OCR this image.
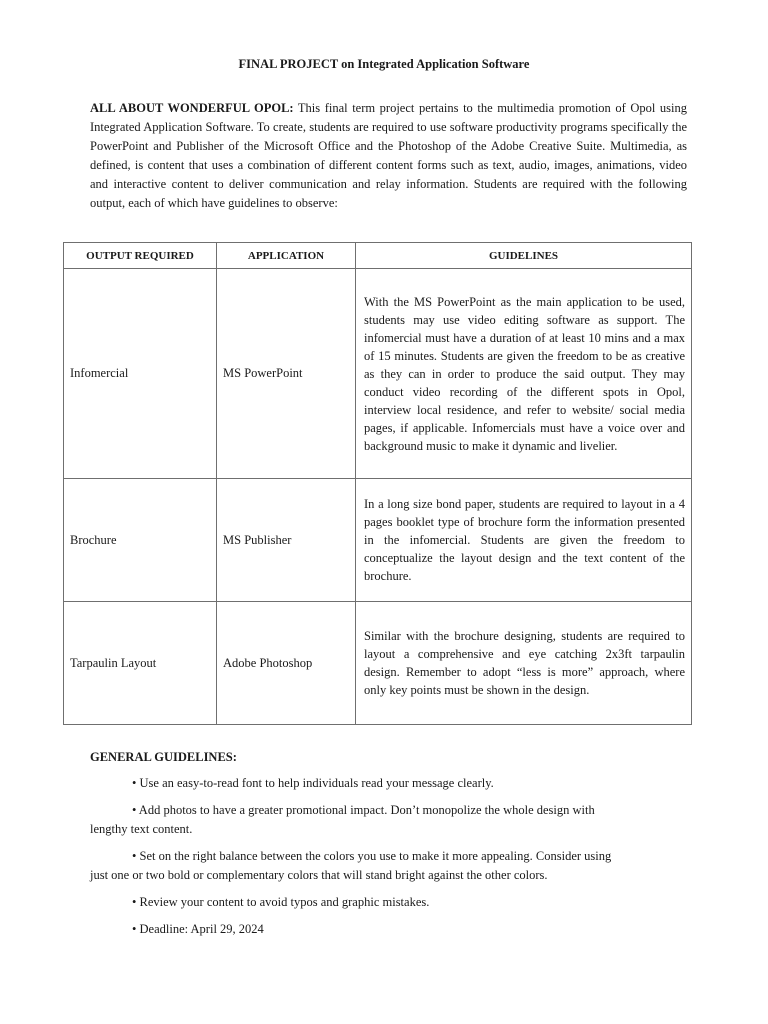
FINAL PROJECT on Integrated Application Software
ALL ABOUT WONDERFUL OPOL: This final term project pertains to the multimedia promotion of Opol using Integrated Application Software. To create, students are required to use software productivity programs specifically the PowerPoint and Publisher of the Microsoft Office and the Photoshop of the Adobe Creative Suite. Multimedia, as defined, is content that uses a combination of different content forms such as text, audio, images, animations, video and interactive content to deliver communication and relay information. Students are required with the following output, each of which have guidelines to observe:
OUTPUT REQUIRED	APPLICATION	GUIDELINES
Infomercial	MS PowerPoint	With the MS PowerPoint as the main application to be used, students may use video editing software as support. The infomercial must have a duration of at least 10 mins and a max of 15 minutes. Students are given the freedom to be as creative as they can in order to produce the said output. They may conduct video recording of the different spots in Opol, interview local residence, and refer to website/ social media pages, if applicable. Infomercials must have a voice over and background music to make it dynamic and livelier.
Brochure	MS Publisher	In a long size bond paper, students are required to layout in a 4 pages booklet type of brochure form the information presented in the infomercial. Students are given the freedom to conceptualize the layout design and the text content of the brochure.
Tarpaulin Layout	Adobe Photoshop	Similar with the brochure designing, students are required to layout a comprehensive and eye catching 2x3ft tarpaulin design. Remember to adopt “less is more” approach, where only key points must be shown in the design.
GENERAL GUIDELINES:
• Use an easy-to-read font to help individuals read your message clearly.
• Add photos to have a greater promotional impact. Don’t monopolize the whole design with
lengthy text content.
• Set on the right balance between the colors you use to make it more appealing. Consider using
just one or two bold or complementary colors that will stand bright against the other colors.
• Review your content to avoid typos and graphic mistakes.
• Deadline: April 29, 2024
